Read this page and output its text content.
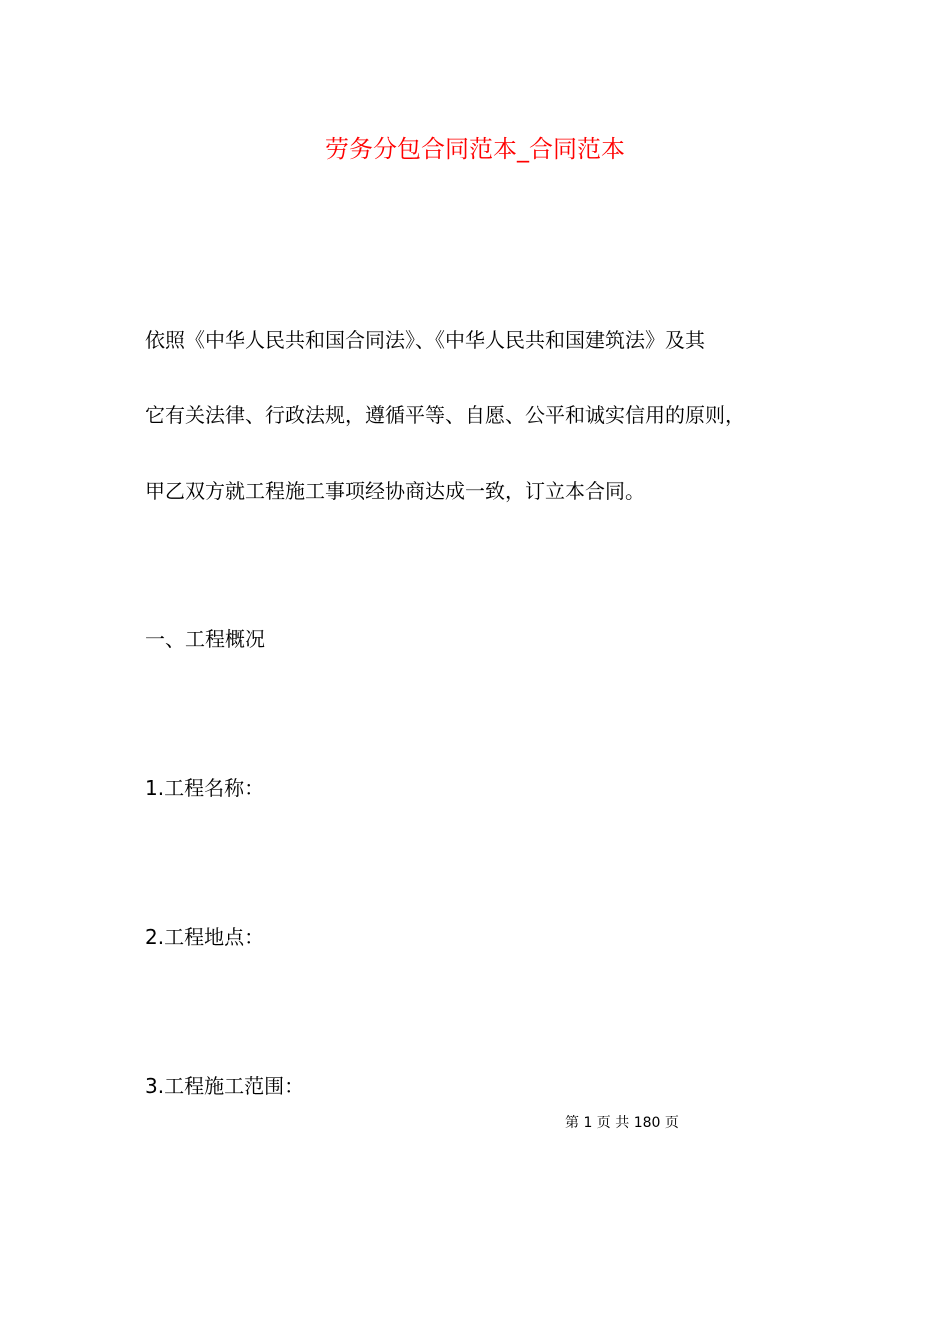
劳务分包合同范本_合同范本
依照《中华人民共和国合同法》、《中华人民共和国建筑法》及其
它有关法律、行政法规，遵循平等、自愿、公平和诚实信用的原则，
甲乙双方就工程施工事项经协商达成一致，订立本合同。
一、工程概况
1.工程名称：
2.工程地点：
3.工程施工范围：
第 1 页 共 180 页
